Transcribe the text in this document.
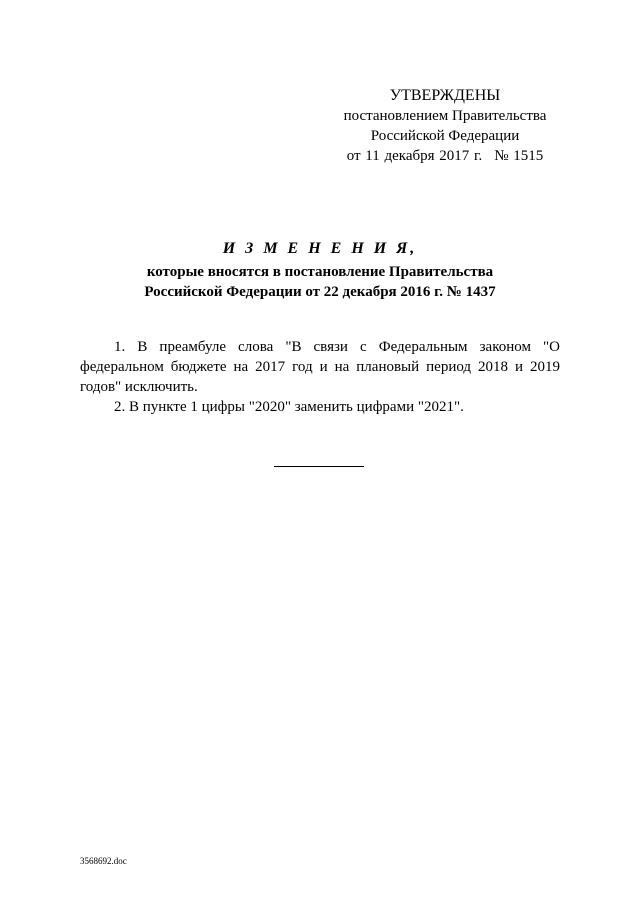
УТВЕРЖДЕНЫ
постановлением Правительства
Российской Федерации
от 11 декабря 2017 г. № 1515
И З М Е Н Е Н И Я,
которые вносятся в постановление Правительства
Российской Федерации от 22 декабря 2016 г. № 1437

1. В преамбуле слова "В связи с Федеральным законом "О федеральном бюджете на 2017 год и на плановый период 2018 и 2019 годов" исключить.

2. В пункте 1 цифры "2020" заменить цифрами "2021".

3568692.doc
